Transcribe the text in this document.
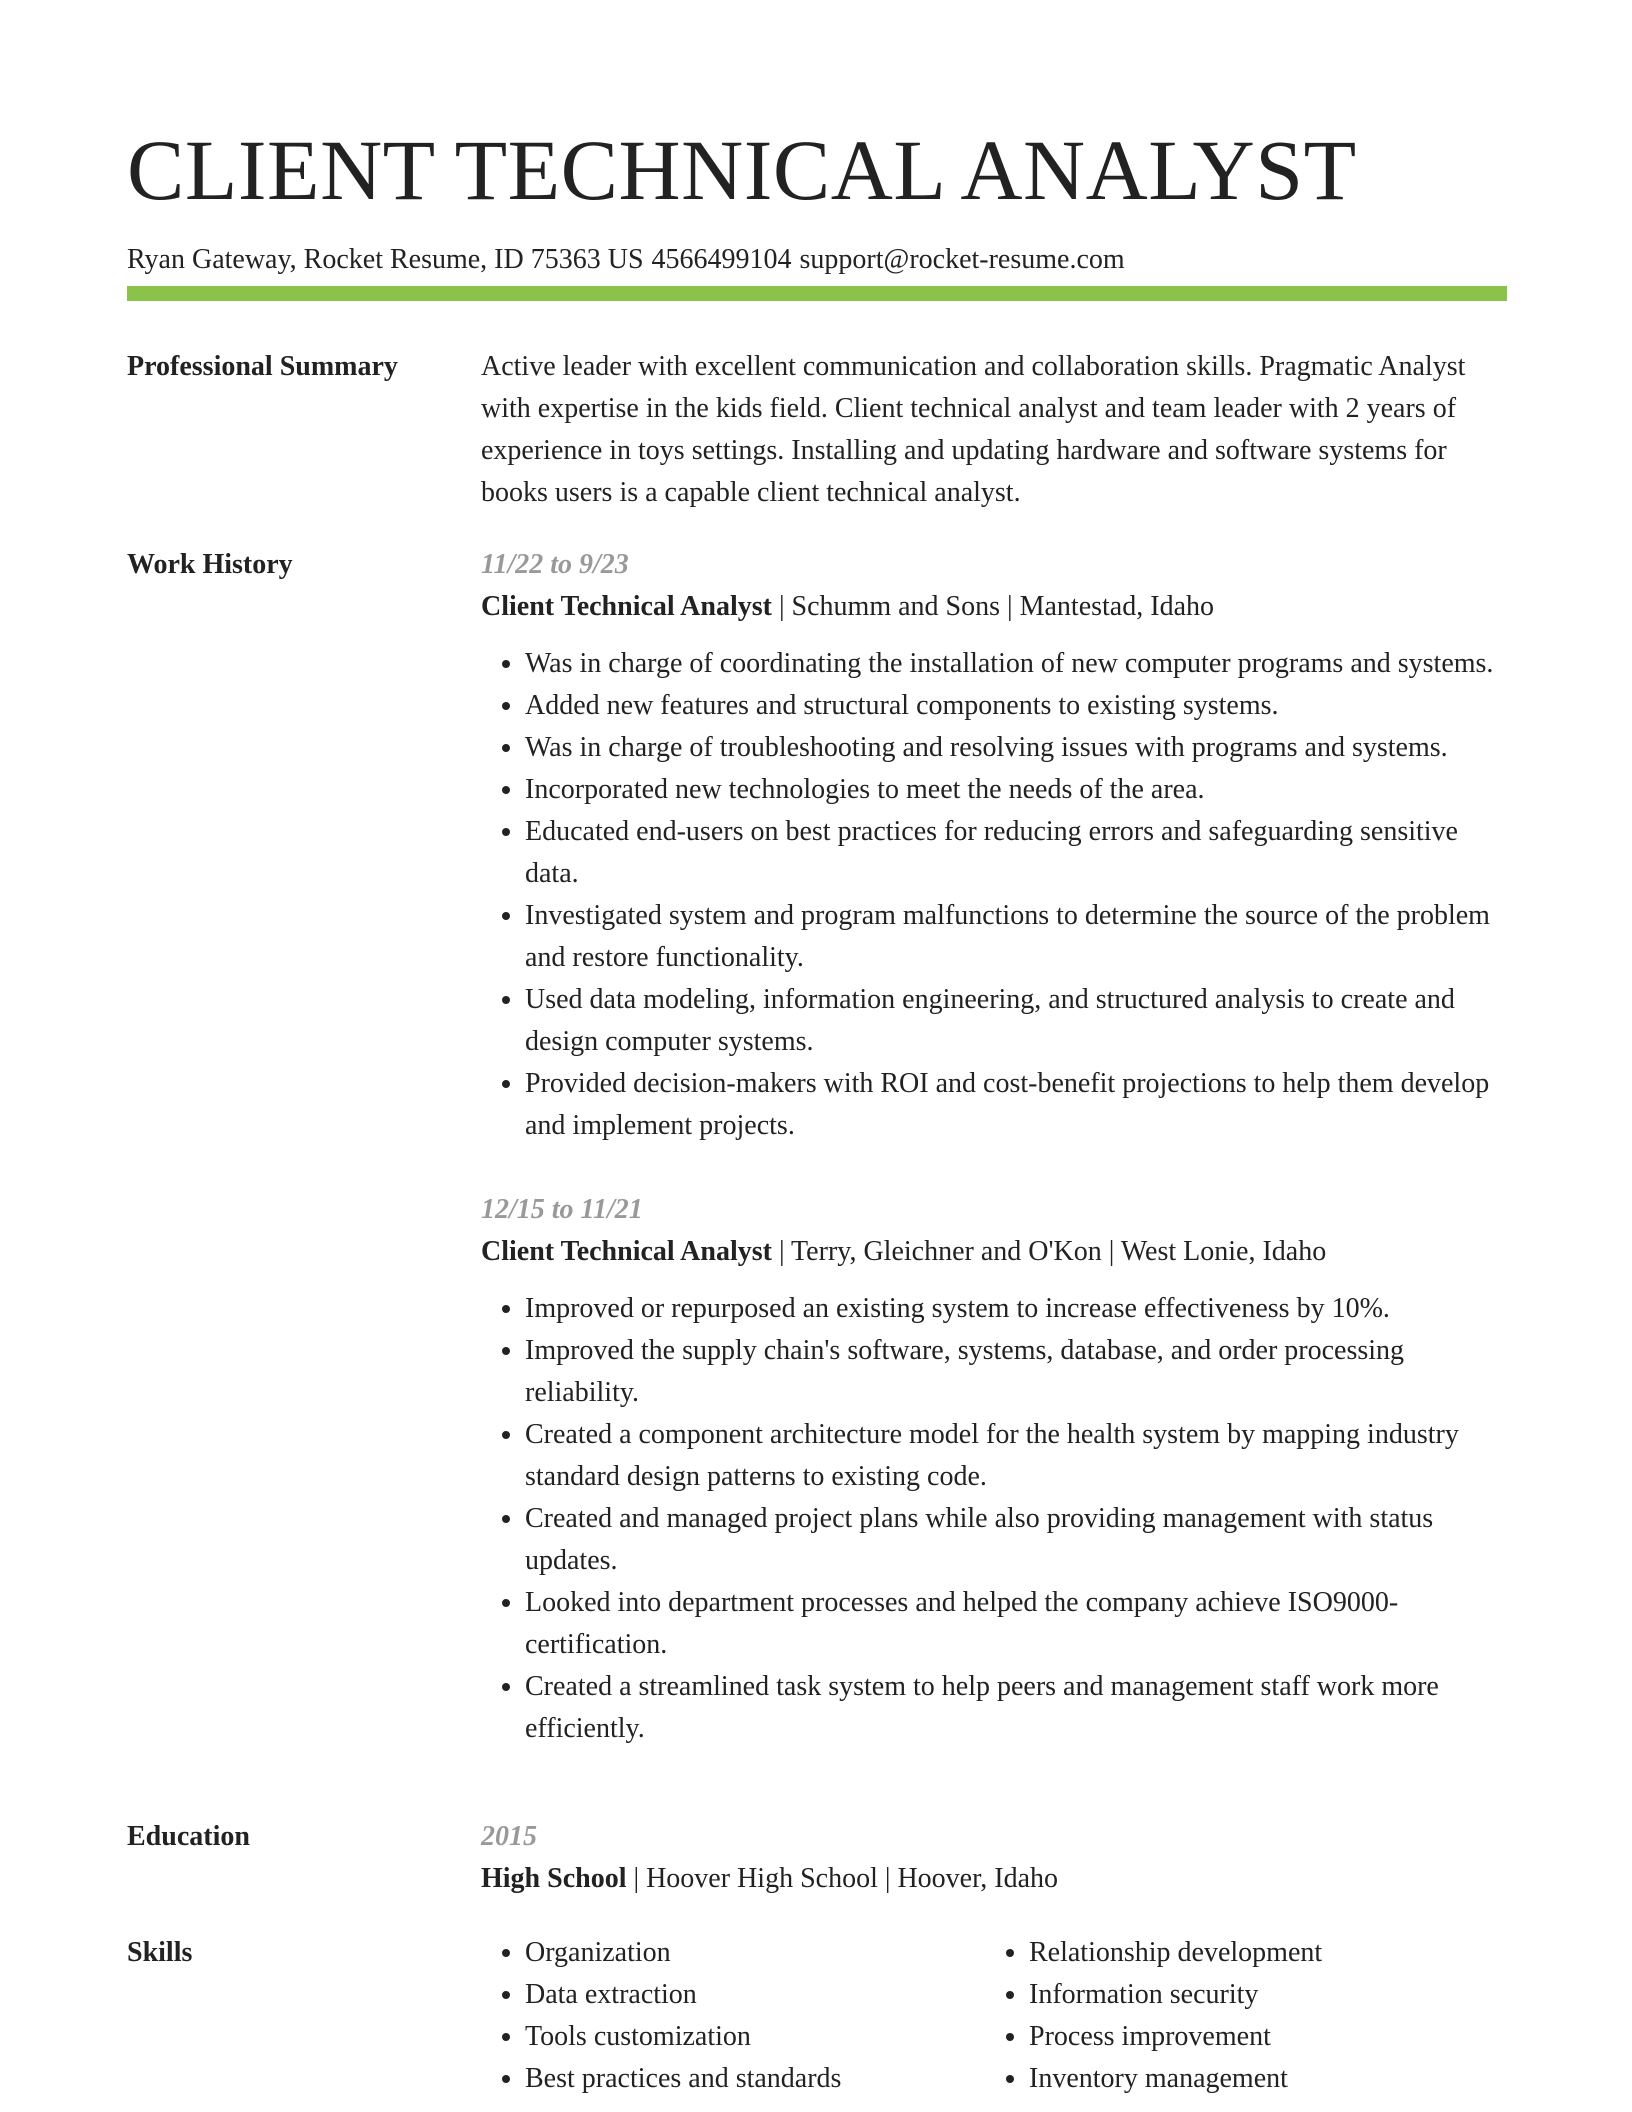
CLIENT TECHNICAL ANALYST
Ryan Gateway, Rocket Resume, ID 75363 US 4566499104 support@rocket-resume.com
Professional Summary	Active leader with excellent communication and collaboration skills. Pragmatic Analyst with expertise in the kids field. Client technical analyst and team leader with 2 years of experience in toys settings. Installing and updating hardware and software systems for books users is a capable client technical analyst.
Work History	11/22 to 9/23
Client Technical Analyst | Schumm and Sons | Mantestad, Idaho
• Was in charge of coordinating the installation of new computer programs and systems.
• Added new features and structural components to existing systems.
• Was in charge of troubleshooting and resolving issues with programs and systems.
• Incorporated new technologies to meet the needs of the area.
• Educated end-users on best practices for reducing errors and safeguarding sensitive data.
• Investigated system and program malfunctions to determine the source of the problem and restore functionality.
• Used data modeling, information engineering, and structured analysis to create and design computer systems.
• Provided decision-makers with ROI and cost-benefit projections to help them develop and implement projects.
12/15 to 11/21
Client Technical Analyst | Terry, Gleichner and O'Kon | West Lonie, Idaho
• Improved or repurposed an existing system to increase effectiveness by 10%.
• Improved the supply chain's software, systems, database, and order processing reliability.
• Created a component architecture model for the health system by mapping industry standard design patterns to existing code.
• Created and managed project plans while also providing management with status updates.
• Looked into department processes and helped the company achieve ISO9000-certification.
• Created a streamlined task system to help peers and management staff work more efficiently.
Education	2015
High School | Hoover High School | Hoover, Idaho
Skills
•	Organization
• Data extraction
• Tools customization
• Best practices and standards
• Relationship development
• Information security
• Process improvement
• Inventory management
